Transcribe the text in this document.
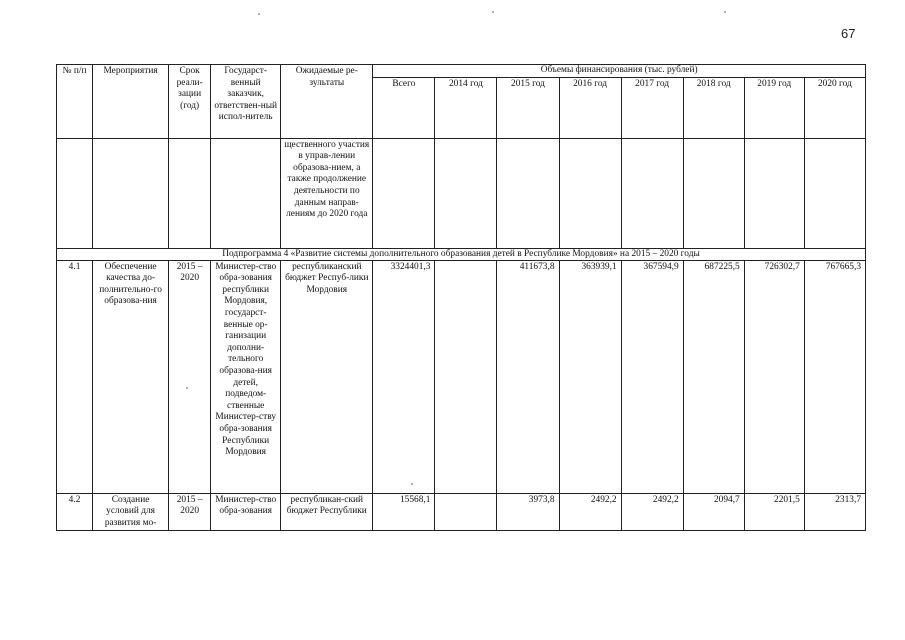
67
№ п/п	Мероприятия	Срок реали-зации (год)	Государст-венный заказчик, ответствен-ный испол-нитель	Ожидаемые ре-зультаты	Объемы финансирования (тыс. рублей)							
					Всего	2014 год	2015 год	2016 год	2017 год	2018 год	2019 год	2020 год
				щественного участия в управ-лении образова-нием, а также продолжение деятельности по данным направ-лениям до 2020 года								
Подпрограмма 4 «Развитие системы дополнительного образования детей в Республике Мордовия» на 2015 – 2020 годы												
4.1	Обеспечение качества до-полнительно-го образова-ния	2015 – 2020	Министер-ство обра-зования республики Мордовия, государст-венные ор-ганизации дополни-тельного образова-ния детей, подведом-ственные Министер-ству обра-зования Республики Мордовия	республиканский бюджет Респуб-лики Мордовия	3324401,3		411673,8	363939,1	367594,9	687225,5	726302,7	767665,3
4.2	Создание условий для развития мо-	2015 – 2020	Министер-ство обра-зования	республикан-ский бюджет Республики	15568,1		3973,8	2492,2	2492,2	2094,7	2201,5	2313,7
